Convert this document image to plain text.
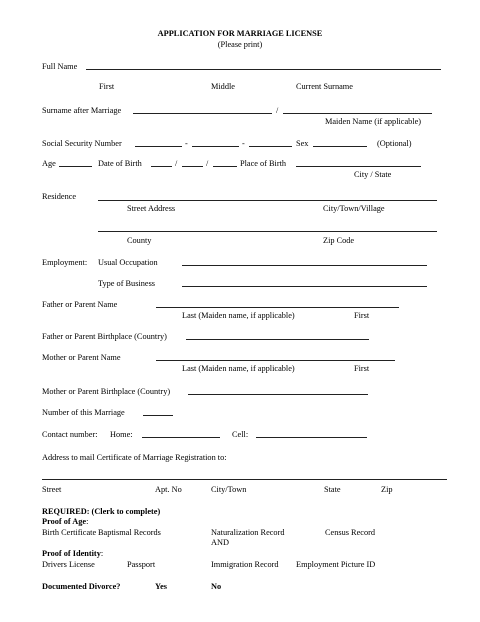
APPLICATION FOR MARRIAGE LICENSE
(Please print)
Full Name
First	Middle	Current Surname
Surname after Marriage	/
Maiden Name (if applicable)
Social Security Number	-	-	Sex	(Optional)
Age	Date of Birth	/	/	Place of Birth
City / State
Residence
Street Address	City/Town/Village
County	Zip Code
Employment: Usual Occupation
Type of Business
Father or Parent Name
Last (Maiden name, if applicable)	First
Father or Parent Birthplace (Country)
Mother or Parent Name
Last (Maiden name, if applicable)	First
Mother or Parent Birthplace (Country)
Number of this Marriage
Contact number: Home:	Cell:
Address to mail Certificate of Marriage Registration to:
Street	Apt. No	City/Town	State	Zip
REQUIRED: (Clerk to complete)
Proof of Age:
Birth Certificate Baptismal Records	Naturalization Record	Census Record
AND
Proof of Identity:
Drivers License	Passport	Immigration Record Employment Picture ID
Documented Divorce?	Yes	No
